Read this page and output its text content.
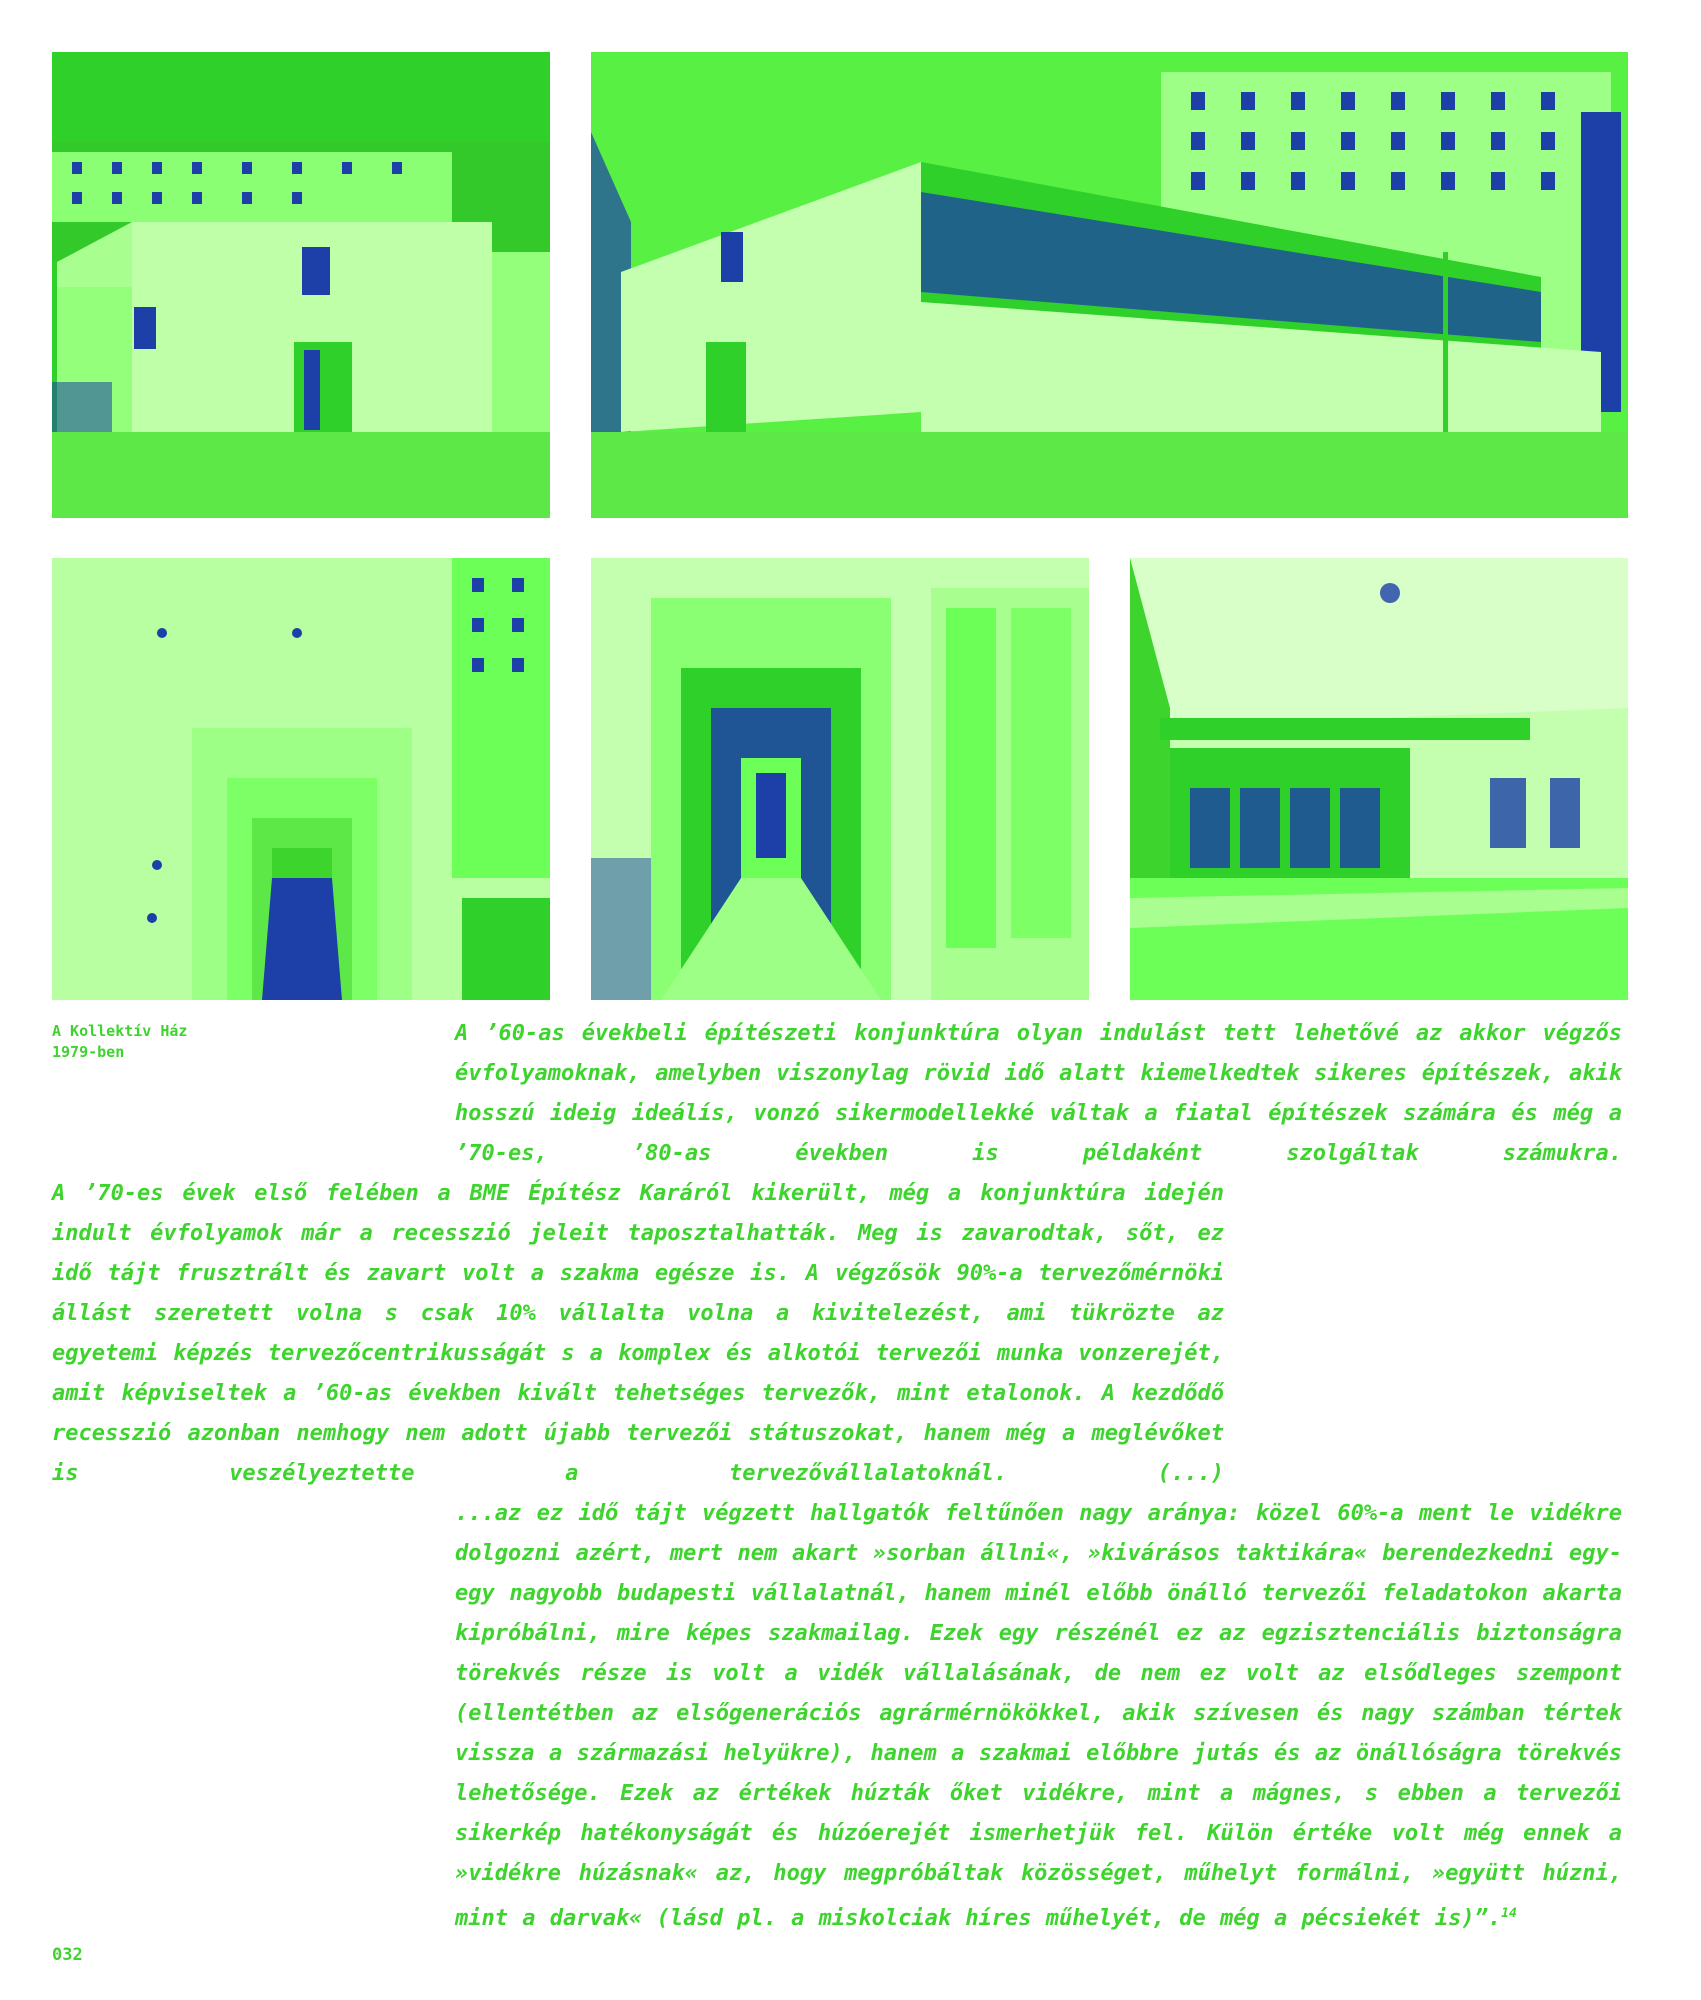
A Kollektív Ház
1979-ben

A ’60-as évekbeli építészeti konjunktúra olyan indulást tett lehetővé az akkor végzős évfolyamoknak, amelyben viszonylag rövid idő alatt kiemelkedtek sikeres építészek, akik hosszú ideig ideálís, vonzó sikermodellekké váltak a fiatal építészek számára és még a ’70-es, ’80-as években is példaként szolgáltak számukra.

A ’70-es évek első felében a BME Építész Karáról kikerült, még a konjunktúra idején indult évfolyamok már a recesszió jeleit taposztalhatták. Meg is zavarodtak, sőt, ez idő tájt frusztrált és zavart volt a szakma egésze is. A végzősök 90%-a tervezőmérnöki állást szeretett volna s csak 10% vállalta volna a kivitelezést, ami tükrözte az egyetemi képzés tervezőcentrikusságát s a komplex és alkotói tervezői munka vonzerejét, amit képviseltek a ’60-as években kivált tehetséges tervezők, mint etalonok. A kezdődő recesszió azonban nemhogy nem adott újabb tervezői státuszokat, hanem még a meglévőket is veszélyeztette a tervezővállalatoknál. (...)

...az ez idő tájt végzett hallgatók feltűnően nagy aránya: közel 60%-a ment le vidékre dolgozni azért, mert nem akart »sorban állni«, »kivárásos taktikára« berendezkedni egy-egy nagyobb budapesti vállalatnál, hanem minél előbb önálló tervezői feladatokon akarta kipróbálni, mire képes szakmailag. Ezek egy részénél ez az egzisztenciális biztonságra törekvés része is volt a vidék vállalásának, de nem ez volt az elsődleges szempont (ellentétben az elsőgenerációs agrármérnökökkel, akik szívesen és nagy számban tértek vissza a származási helyükre), hanem a szakmai előbbre jutás és az önállóságra törekvés lehetősége. Ezek az értékek húzták őket vidékre, mint a mágnes, s ebben a tervezői sikerkép hatékonyságát és húzóerejét ismerhetjük fel. Külön értéke volt még ennek a »vidékre húzásnak« az, hogy megpróbáltak közösséget, műhelyt formálni, »együtt húzni, mint a darvak« (lásd pl. a miskolciak híres műhelyét, de még a pécsiekét is)”.$^{14}$

032
